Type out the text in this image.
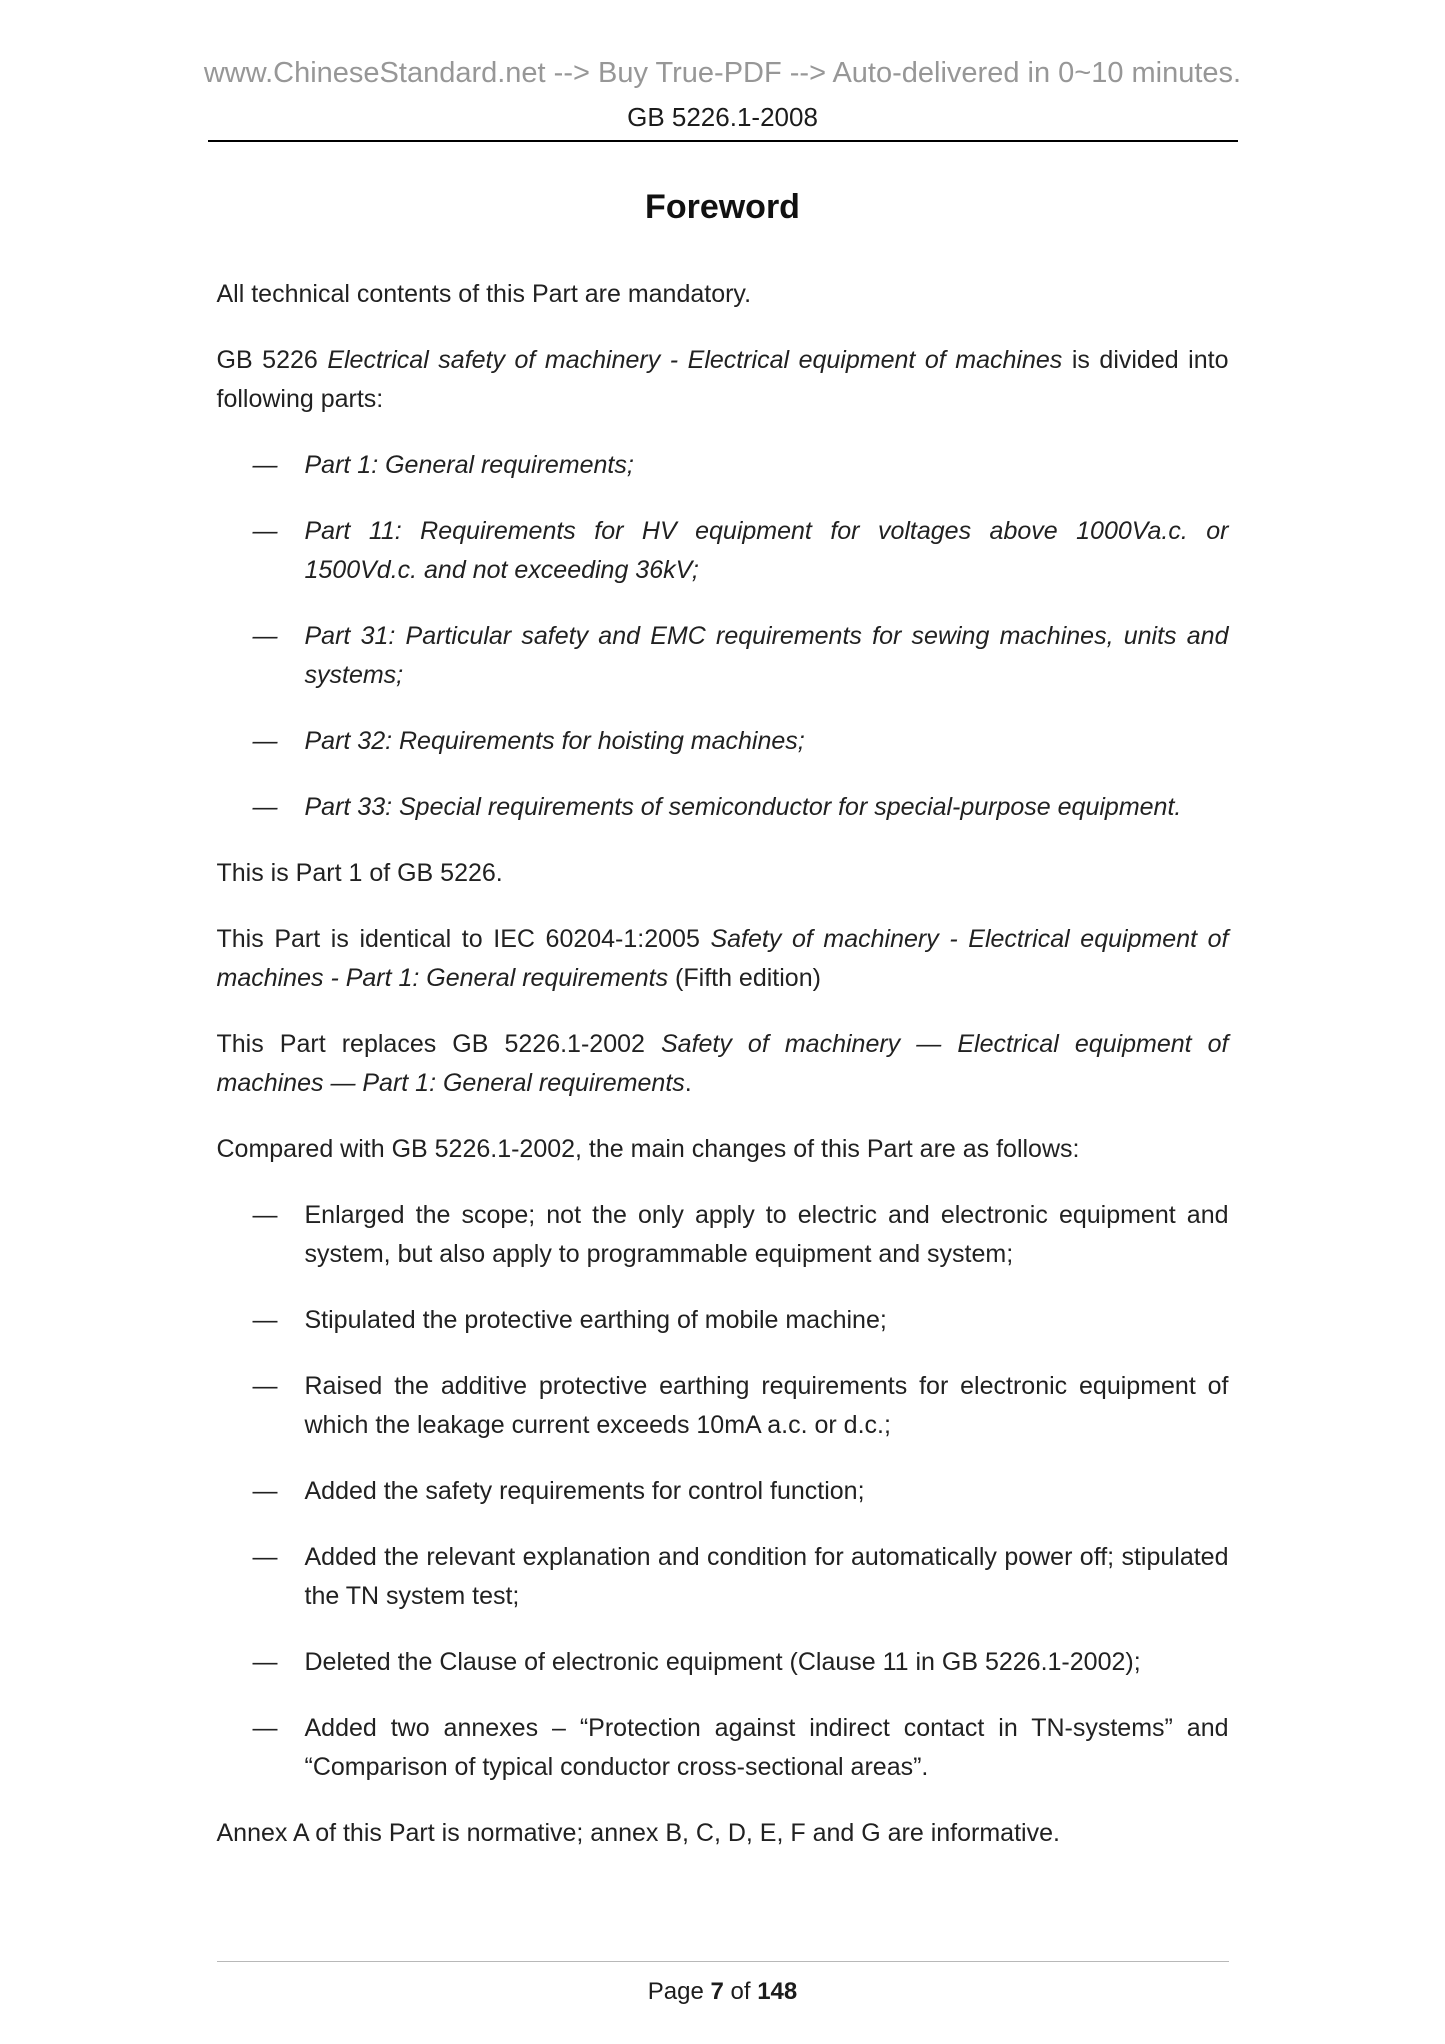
www.ChineseStandard.net --> Buy True-PDF --> Auto-delivered in 0~10 minutes.
GB 5226.1-2008
Foreword

All technical contents of this Part are mandatory.

GB 5226 Electrical safety of machinery - Electrical equipment of machines is divided into following parts:

—	Part 1: General requirements;
—	Part 11: Requirements for HV equipment for voltages above 1000Va.c. or 1500Vd.c. and not exceeding 36kV;
—	Part 31: Particular safety and EMC requirements for sewing machines, units and systems;
—	Part 32: Requirements for hoisting machines;
—	Part 33: Special requirements of semiconductor for special-purpose equipment.

This is Part 1 of GB 5226.

This Part is identical to IEC 60204-1:2005 Safety of machinery - Electrical equipment of machines - Part 1: General requirements (Fifth edition)

This Part replaces GB 5226.1-2002 Safety of machinery — Electrical equipment of machines — Part 1: General requirements.

Compared with GB 5226.1-2002, the main changes of this Part are as follows:

—	Enlarged the scope; not the only apply to electric and electronic equipment and system, but also apply to programmable equipment and system;
—	Stipulated the protective earthing of mobile machine;
—	Raised the additive protective earthing requirements for electronic equipment of which the leakage current exceeds 10mA a.c. or d.c.;
—	Added the safety requirements for control function;
—	Added the relevant explanation and condition for automatically power off; stipulated the TN system test;
—	Deleted the Clause of electronic equipment (Clause 11 in GB 5226.1-2002);
—	Added two annexes – “Protection against indirect contact in TN-systems” and “Comparison of typical conductor cross-sectional areas”.

Annex A of this Part is normative; annex B, C, D, E, F and G are informative.

Page 7 of 148
